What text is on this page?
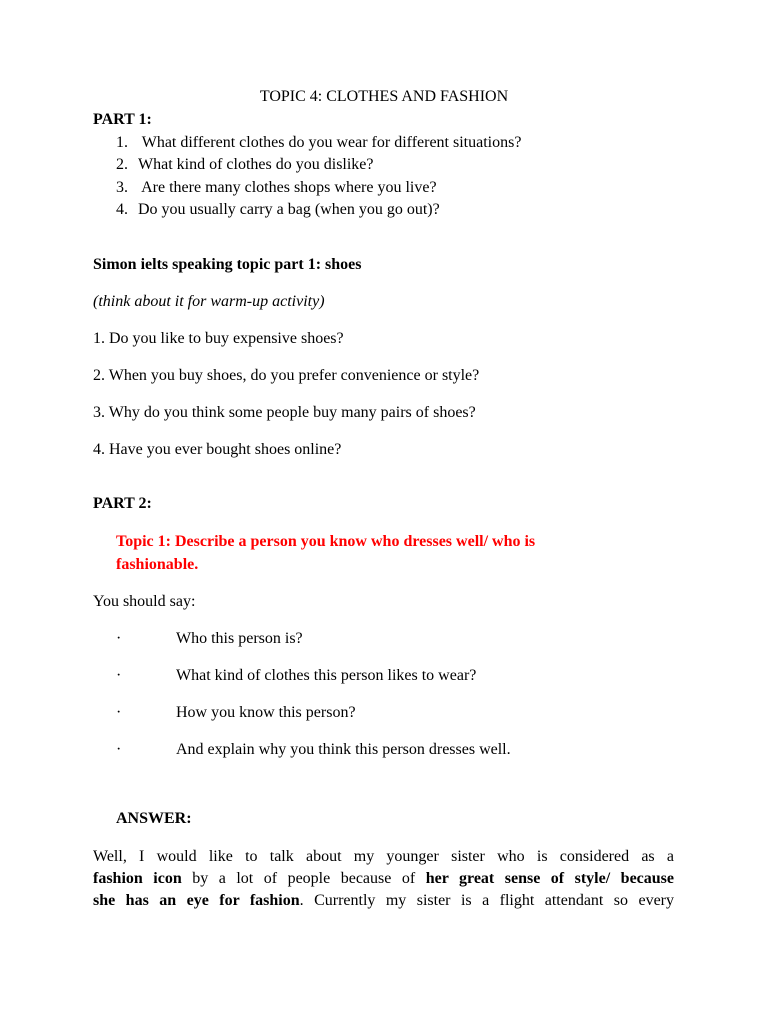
TOPIC 4: CLOTHES AND FASHION
PART 1:
1. What different clothes do you wear for different situations?
2. What kind of clothes do you dislike?
3. Are there many clothes shops where you live?
4. Do you usually carry a bag (when you go out)?
Simon ielts speaking topic part 1: shoes
(think about it for warm-up activity)
1. Do you like to buy expensive shoes?
2. When you buy shoes, do you prefer convenience or style?
3. Why do you think some people buy many pairs of shoes?
4. Have you ever bought shoes online?
PART 2:
Topic 1: Describe a person you know who dresses well/ who is
fashionable.
You should say:
·	Who this person is?
·	What kind of clothes this person likes to wear?
·	How you know this person?
·	And explain why you think this person dresses well.
ANSWER:
Well, I would like to talk about my younger sister who is considered as a
fashion icon by a lot of people because of her great sense of style/ because
she has an eye for fashion. Currently my sister is a flight attendant so every
